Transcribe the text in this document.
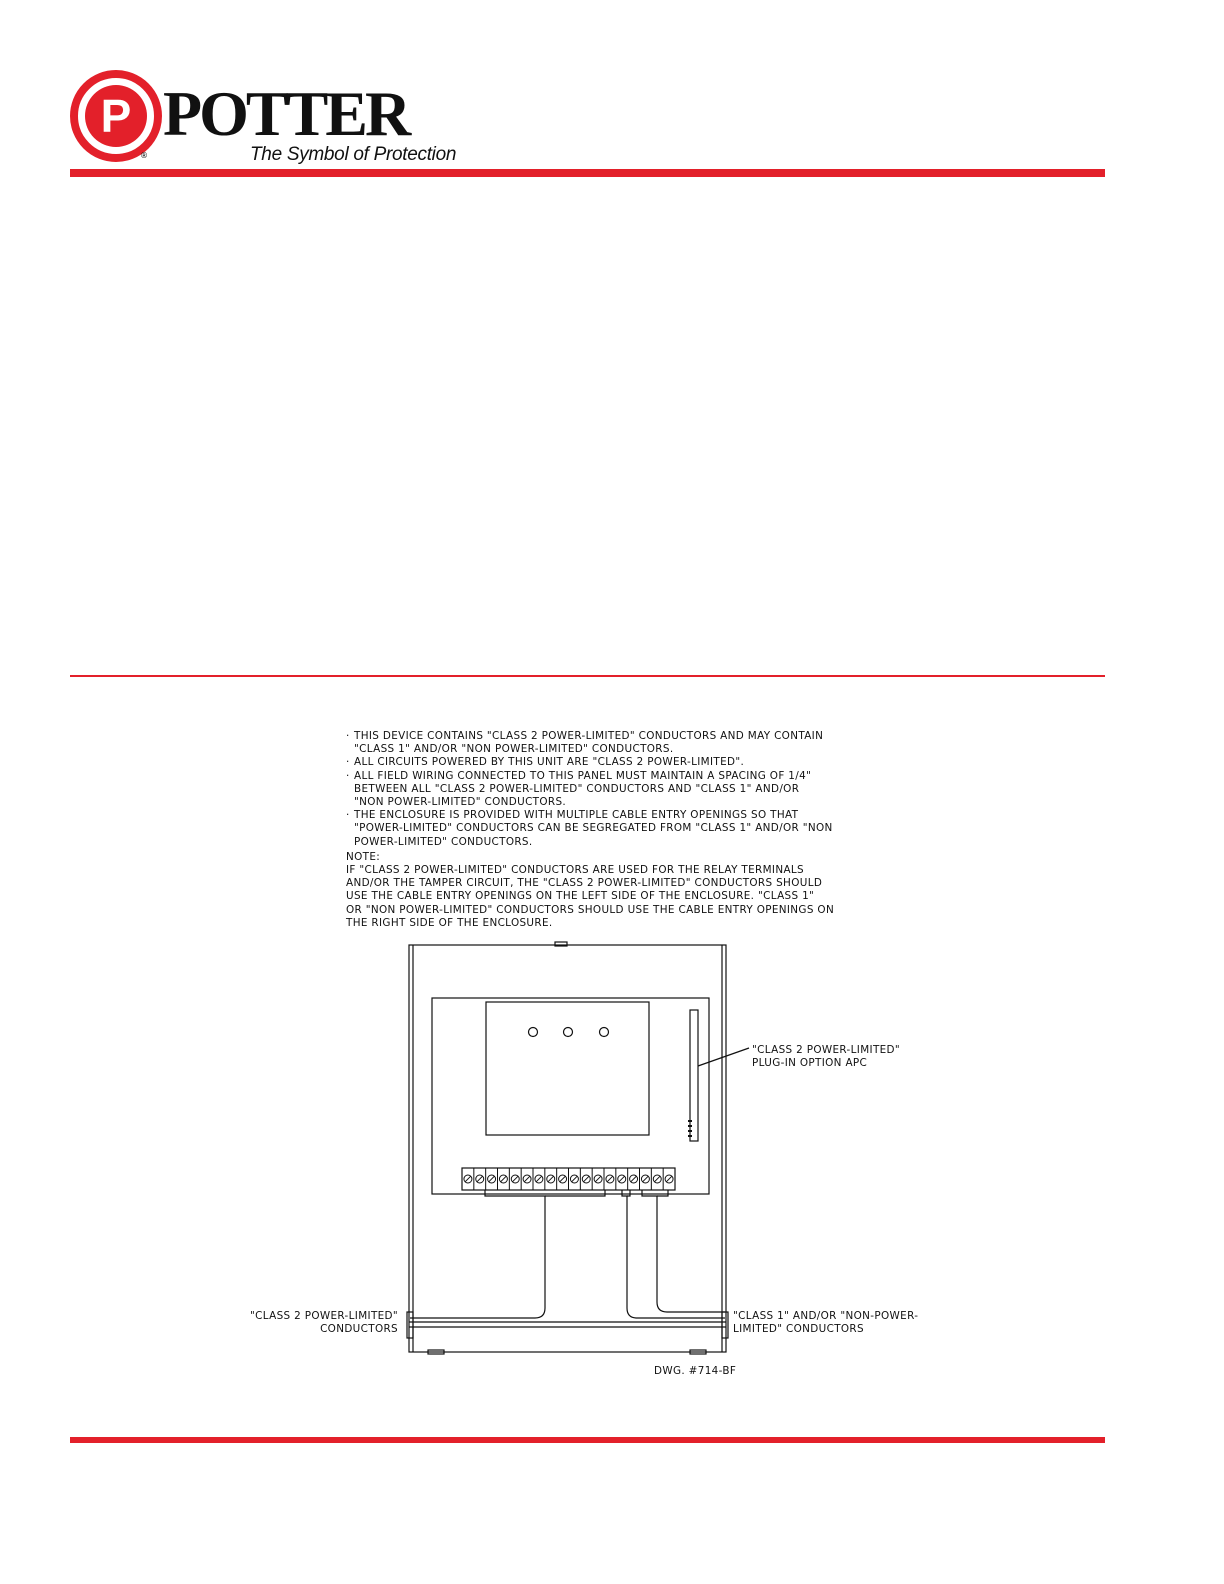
P
®
POTTER
The Symbol of Protection
· THIS DEVICE CONTAINS "CLASS 2 POWER-LIMITED" CONDUCTORS AND MAY CONTAIN
"CLASS 1" AND/OR "NON POWER-LIMITED" CONDUCTORS.
· ALL CIRCUITS POWERED BY THIS UNIT ARE "CLASS 2 POWER-LIMITED".
· ALL FIELD WIRING CONNECTED TO THIS PANEL MUST MAINTAIN A SPACING OF 1/4"
BETWEEN ALL "CLASS 2 POWER-LIMITED" CONDUCTORS AND "CLASS 1" AND/OR
"NON POWER-LIMITED" CONDUCTORS.
· THE ENCLOSURE IS PROVIDED WITH MULTIPLE CABLE ENTRY OPENINGS SO THAT
"POWER-LIMITED" CONDUCTORS CAN BE SEGREGATED FROM "CLASS 1" AND/OR "NON
POWER-LIMITED" CONDUCTORS.
NOTE:
IF "CLASS 2 POWER-LIMITED" CONDUCTORS ARE USED FOR THE RELAY TERMINALS
AND/OR THE TAMPER CIRCUIT, THE "CLASS 2 POWER-LIMITED" CONDUCTORS SHOULD
USE THE CABLE ENTRY OPENINGS ON THE LEFT SIDE OF THE ENCLOSURE. "CLASS 1"
OR "NON POWER-LIMITED" CONDUCTORS SHOULD USE THE CABLE ENTRY OPENINGS ON
THE RIGHT SIDE OF THE ENCLOSURE.
"CLASS 2 POWER-LIMITED"
PLUG-IN OPTION APC
"CLASS 2 POWER-LIMITED"
CONDUCTORS
"CLASS 1" AND/OR "NON-POWER-
LIMITED" CONDUCTORS
DWG. #714-BF
